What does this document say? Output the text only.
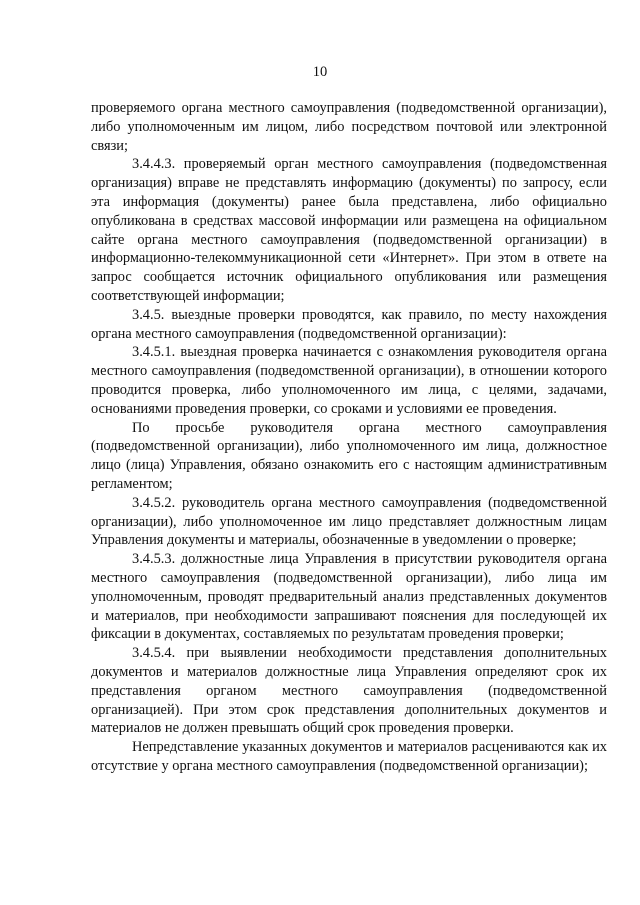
10

проверяемого органа местного самоуправления (подведомственной организации), либо уполномоченным им лицом, либо посредством почтовой или электронной связи;

3.4.4.3. проверяемый орган местного самоуправления (подведомственная организация) вправе не представлять информацию (документы) по запросу, если эта информация (документы) ранее была представлена, либо официально опубликована в средствах массовой информации или размещена на официальном сайте органа местного самоуправления (подведомственной организации) в информационно-телекоммуникационной сети «Интернет». При этом в ответе на запрос сообщается источник официального опубликования или размещения соответствующей информации;

3.4.5. выездные проверки проводятся, как правило, по месту нахождения органа местного самоуправления (подведомственной организации):

3.4.5.1. выездная проверка начинается с ознакомления руководителя органа местного самоуправления (подведомственной организации), в отношении которого проводится проверка, либо уполномоченного им лица, с целями, задачами, основаниями проведения проверки, со сроками и условиями ее проведения.

По просьбе руководителя органа местного самоуправления (подведомственной организации), либо уполномоченного им лица, должностное лицо (лица) Управления, обязано ознакомить его с настоящим административным регламентом;

3.4.5.2. руководитель органа местного самоуправления (подведомственной организации), либо уполномоченное им лицо представляет должностным лицам Управления документы и материалы, обозначенные в уведомлении о проверке;

3.4.5.3. должностные лица Управления в присутствии руководителя органа местного самоуправления (подведомственной организации), либо лица им уполномоченным, проводят предварительный анализ представленных документов и материалов, при необходимости запрашивают пояснения для последующей их фиксации в документах, составляемых по результатам проведения проверки;

3.4.5.4. при выявлении необходимости представления дополнительных документов и материалов должностные лица Управления определяют срок их представления органом местного самоуправления (подведомственной организацией). При этом срок представления дополнительных документов и материалов не должен превышать общий срок проведения проверки.

Непредставление указанных документов и материалов расцениваются как их отсутствие у органа местного самоуправления (подведомственной организации);
